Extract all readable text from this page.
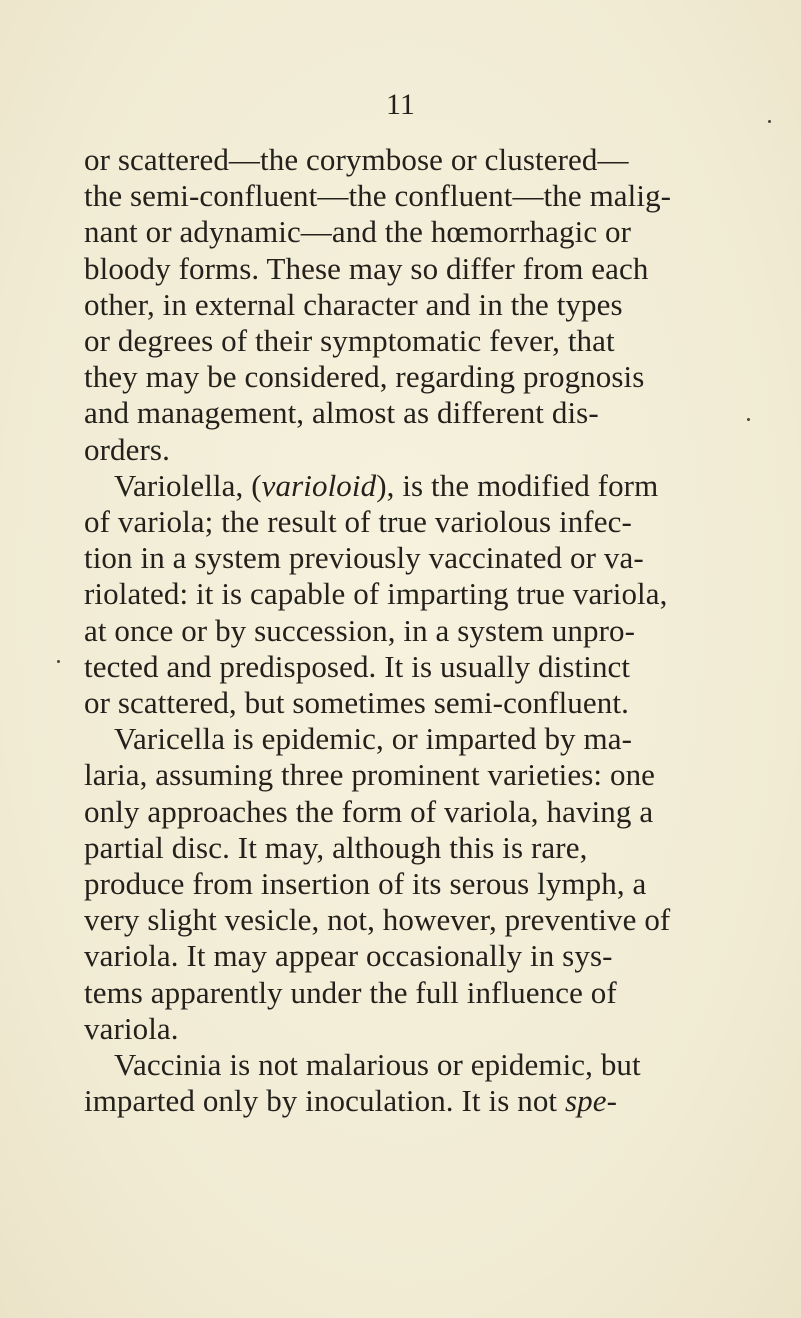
11
or scattered—the corymbose or clustered—
the semi-confluent—the confluent—the malig-
nant or adynamic—and the hœmorrhagic or
bloody forms. These may so differ from each
other, in external character and in the types
or degrees of their symptomatic fever, that
they may be considered, regarding prognosis
and management, almost as different dis-
orders.
Variolella, (varioloid), is the modified form
of variola; the result of true variolous infec-
tion in a system previously vaccinated or va-
riolated: it is capable of imparting true variola,
at once or by succession, in a system unpro-
tected and predisposed. It is usually distinct
or scattered, but sometimes semi-confluent.
Varicella is epidemic, or imparted by ma-
laria, assuming three prominent varieties: one
only approaches the form of variola, having a
partial disc. It may, although this is rare,
produce from insertion of its serous lymph, a
very slight vesicle, not, however, preventive of
variola. It may appear occasionally in sys-
tems apparently under the full influence of
variola.
Vaccinia is not malarious or epidemic, but
imparted only by inoculation. It is not spe-
